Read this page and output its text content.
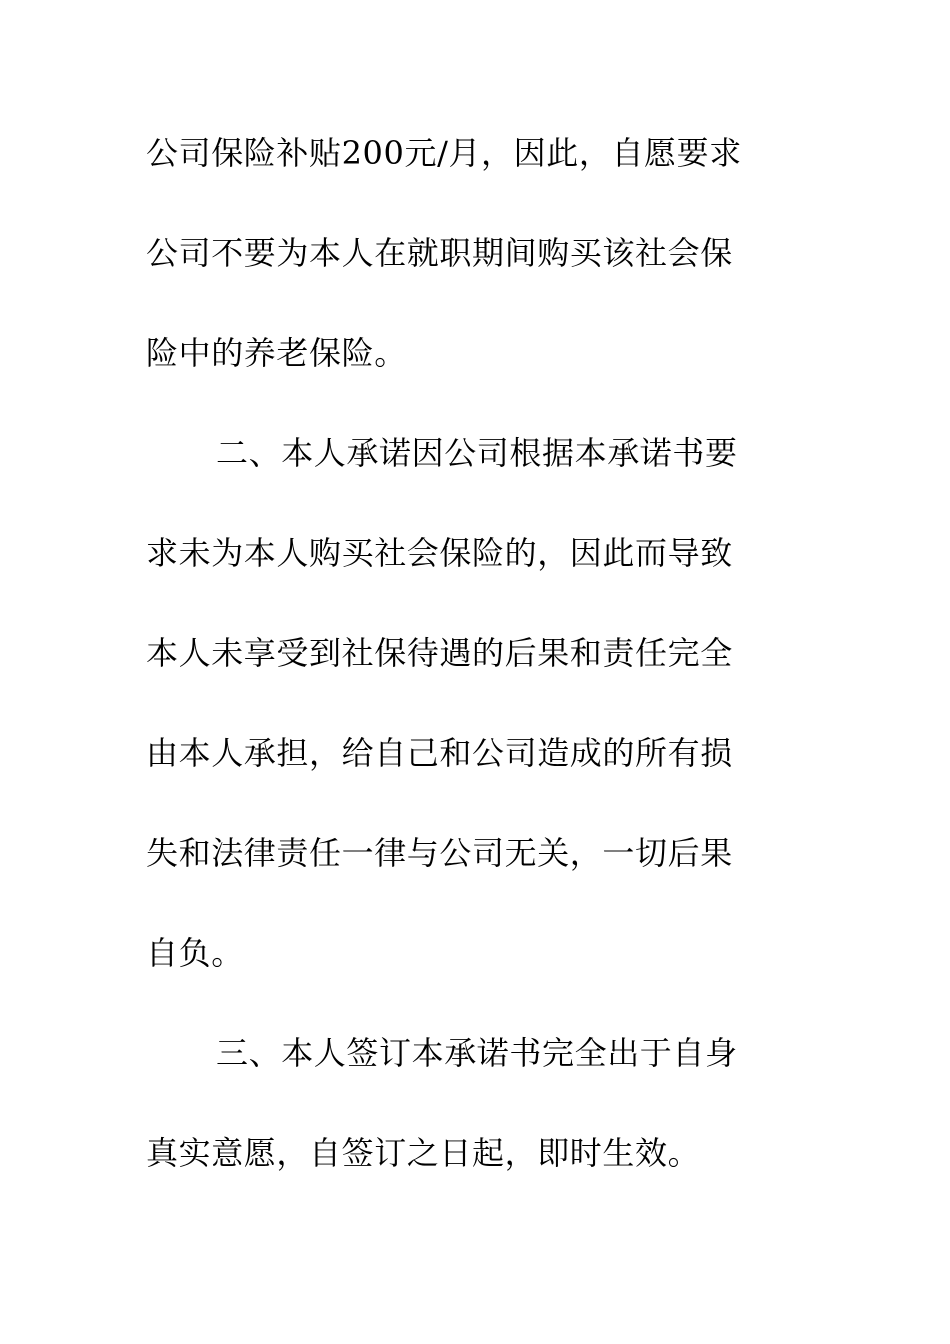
公司保险补贴200元/月，因此，自愿要求
公司不要为本人在就职期间购买该社会保
险中的养老保险。
二、本人承诺因公司根据本承诺书要
求未为本人购买社会保险的，因此而导致
本人未享受到社保待遇的后果和责任完全
由本人承担，给自己和公司造成的所有损
失和法律责任一律与公司无关，一切后果
自负。
三、本人签订本承诺书完全出于自身
真实意愿，自签订之日起，即时生效。
